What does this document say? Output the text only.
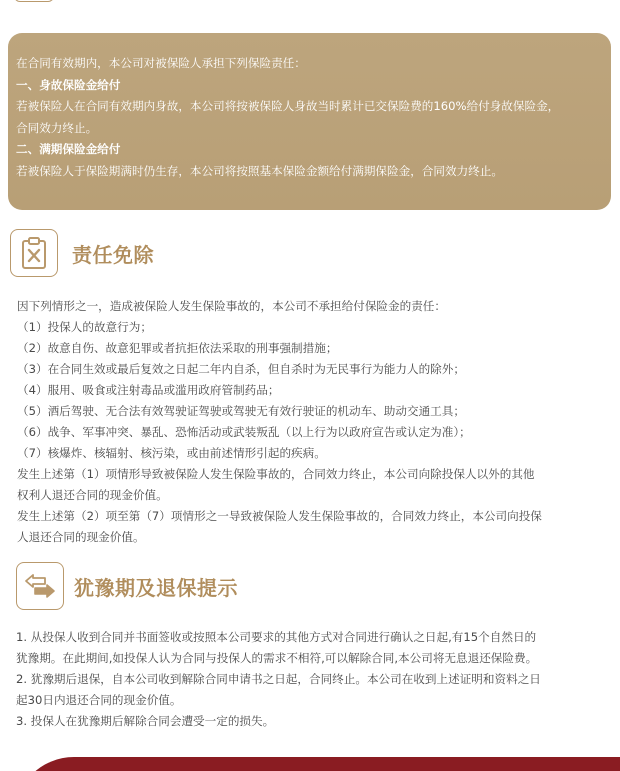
在合同有效期内，本公司对被保险人承担下列保险责任：
一、身故保险金给付
若被保险人在合同有效期内身故，本公司将按被保险人身故当时累计已交保险费的160%给付身故保险金，
合同效力终止。
二、满期保险金给付
若被保险人于保险期满时仍生存，本公司将按照基本保险金额给付满期保险金，合同效力终止。
责任免除
因下列情形之一，造成被保险人发生保险事故的，本公司不承担给付保险金的责任：
（1）投保人的故意行为；
（2）故意自伤、故意犯罪或者抗拒依法采取的刑事强制措施；
（3）在合同生效或最后复效之日起二年内自杀，但自杀时为无民事行为能力人的除外；
（4）服用、吸食或注射毒品或滥用政府管制药品；
（5）酒后驾驶、无合法有效驾驶证驾驶或驾驶无有效行驶证的机动车、助动交通工具；
（6）战争、军事冲突、暴乱、恐怖活动或武装叛乱（以上行为以政府宣告或认定为准）；
（7）核爆炸、核辐射、核污染，或由前述情形引起的疾病。
发生上述第（1）项情形导致被保险人发生保险事故的，合同效力终止，本公司向除投保人以外的其他
权利人退还合同的现金价值。
发生上述第（2）项至第（7）项情形之一导致被保险人发生保险事故的，合同效力终止，本公司向投保
人退还合同的现金价值。
犹豫期及退保提示
1. 从投保人收到合同并书面签收或按照本公司要求的其他方式对合同进行确认之日起,有15个自然日的
犹豫期。在此期间,如投保人认为合同与投保人的需求不相符,可以解除合同,本公司将无息退还保险费。
2. 犹豫期后退保，自本公司收到解除合同申请书之日起，合同终止。本公司在收到上述证明和资料之日
起30日内退还合同的现金价值。
3. 投保人在犹豫期后解除合同会遭受一定的损失。
